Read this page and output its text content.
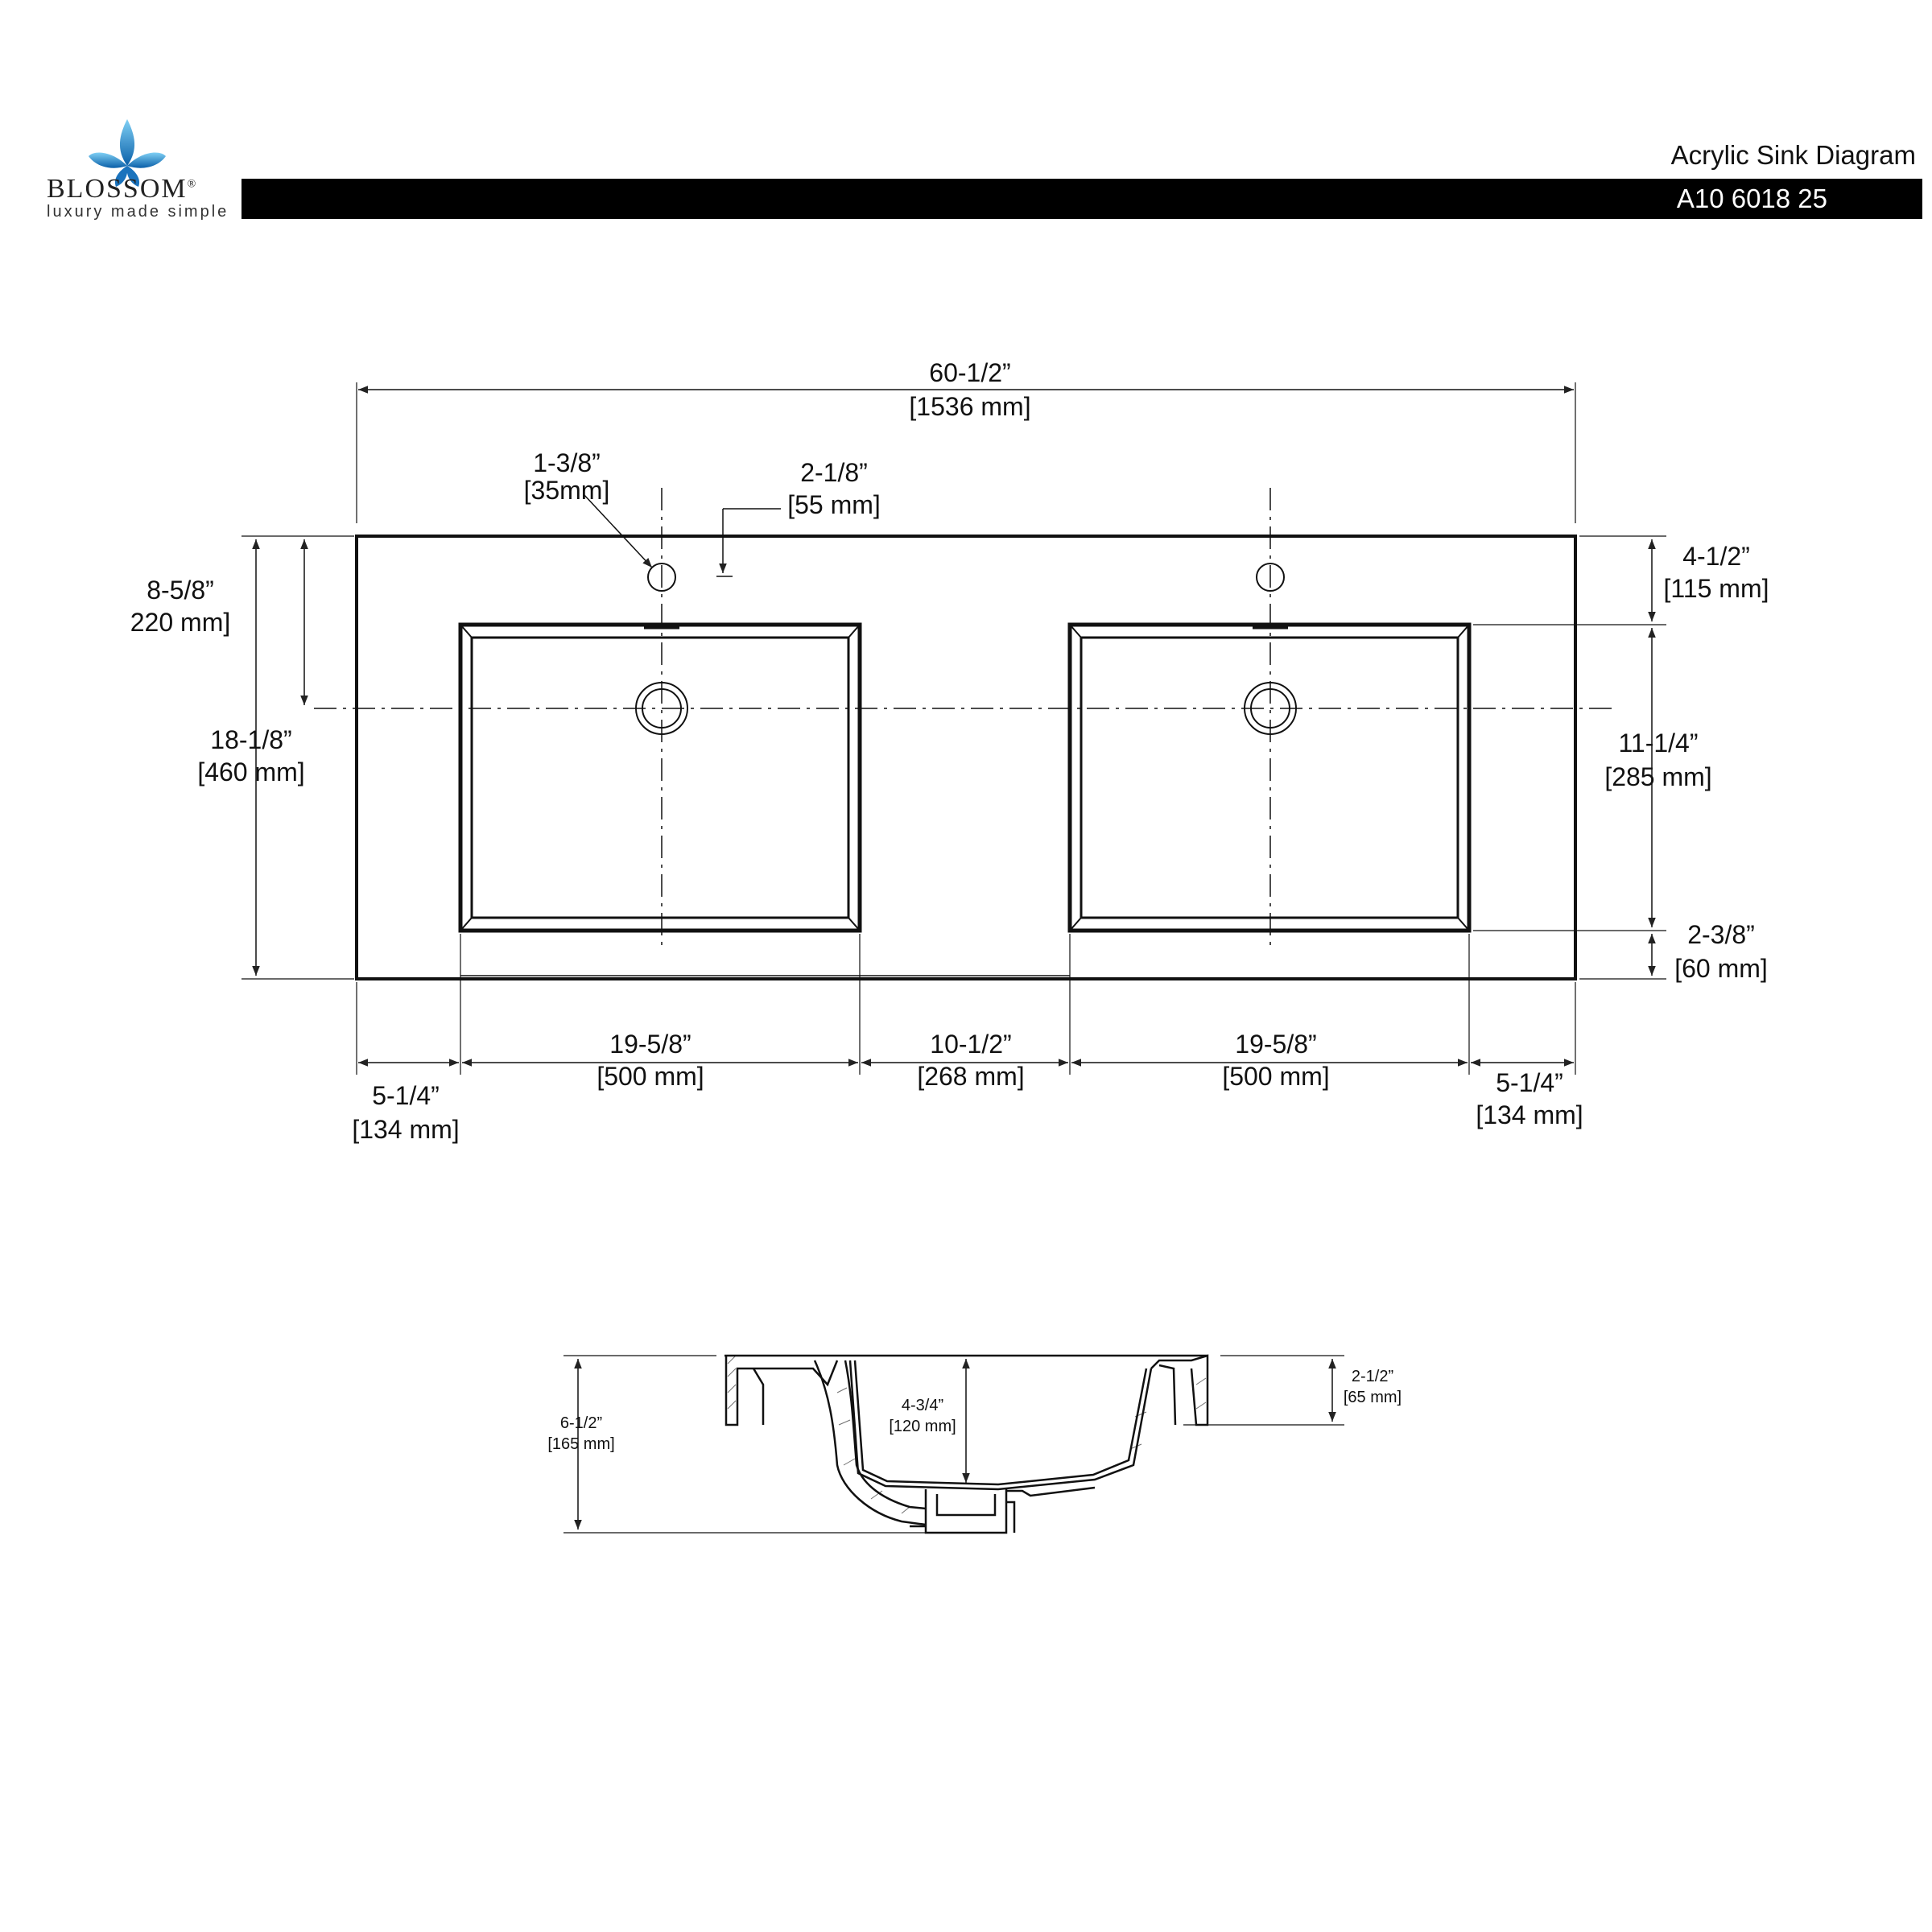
BLOSSOM®
luxury made simple
Acrylic Sink Diagram
A10 6018 25
60-1/2”
[1536 mm]
1-3/8”
[35mm]
2-1/8”
[55 mm]
8-5/8”
220 mm]
18-1/8”
[460 mm]
4-1/2”
[115 mm]
11-1/4”
[285 mm]
2-3/8”
[60 mm]
5-1/4”
[134 mm]
19-5/8”
[500 mm]
10-1/2”
[268 mm]
19-5/8”
[500 mm]	5-1/4”
[134 mm]
6-1/2”
[165 mm]
4-3/4”
[120 mm]
2-1/2”
[65 mm]
